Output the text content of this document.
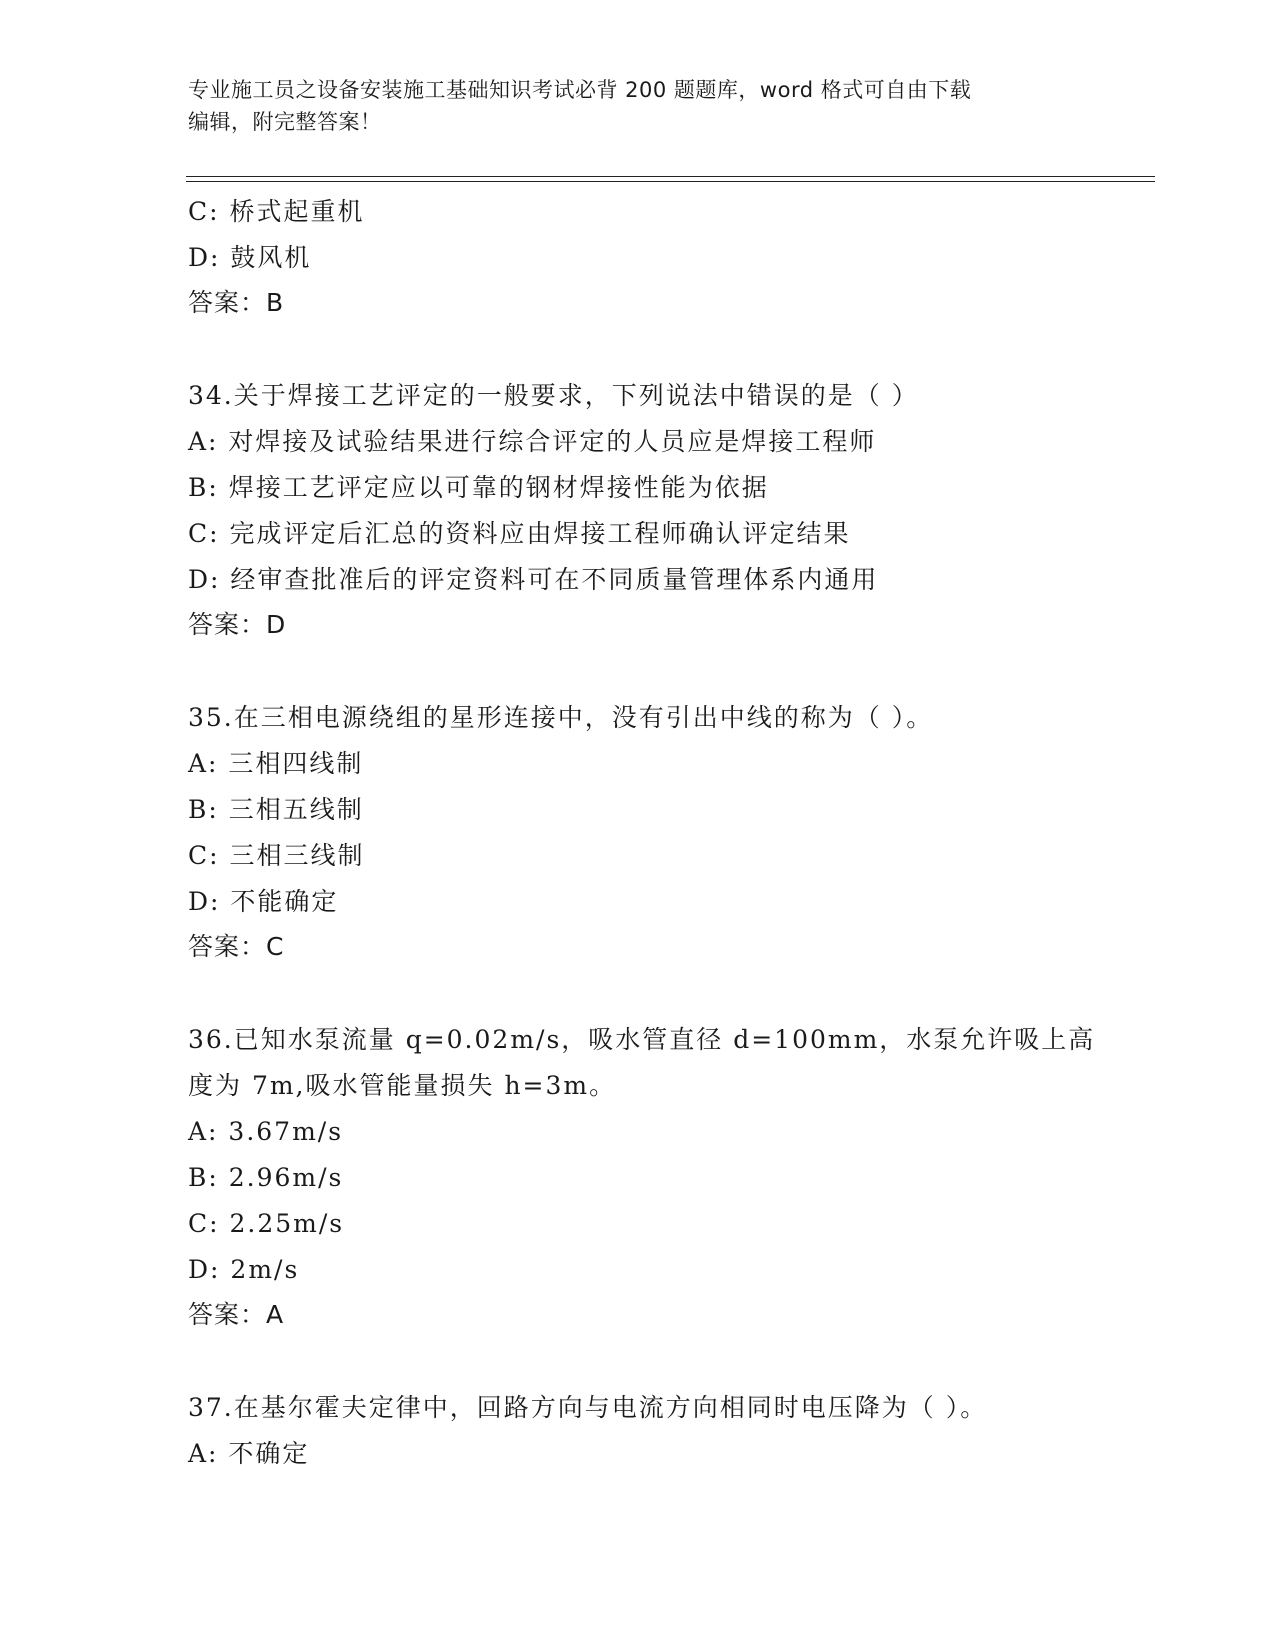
专业施工员之设备安装施工基础知识考试必背 200 题题库，word 格式可自由下载
编辑，附完整答案！
C: 桥式起重机
D: 鼓风机
答案：B
34.关于焊接工艺评定的一般要求，下列说法中错误的是（ ）
A: 对焊接及试验结果进行综合评定的人员应是焊接工程师
B: 焊接工艺评定应以可靠的钢材焊接性能为依据
C: 完成评定后汇总的资料应由焊接工程师确认评定结果
D: 经审查批准后的评定资料可在不同质量管理体系内通用
答案：D
35.在三相电源绕组的星形连接中，没有引出中线的称为（ ）。
A: 三相四线制
B: 三相五线制
C: 三相三线制
D: 不能确定
答案：C
36.已知水泵流量 q=0.02m/s，吸水管直径 d=100mm，水泵允许吸上高
度为 7m,吸水管能量损失 h=3m。
A: 3.67m/s
B: 2.96m/s
C: 2.25m/s
D: 2m/s
答案：A
37.在基尔霍夫定律中，回路方向与电流方向相同时电压降为（ ）。
A: 不确定
